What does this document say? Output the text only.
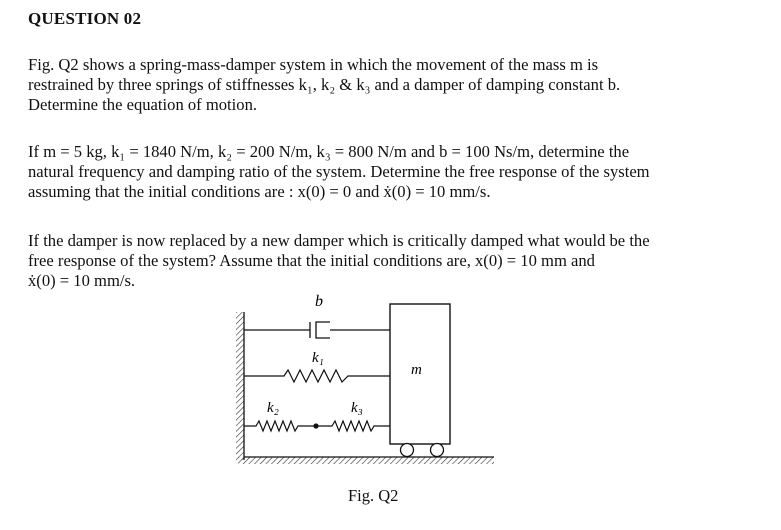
QUESTION 02
Fig. Q2 shows a spring-mass-damper system in which the movement of the mass m is
restrained by three springs of stiffnesses k₁, k₂ & k₃ and a damper of damping constant b.
Determine the equation of motion.
If m = 5 kg, k₁ = 1840 N/m, k₂ = 200 N/m, k₃ = 800 N/m and b = 100 Ns/m, determine the
natural frequency and damping ratio of the system. Determine the free response of the system
assuming that the initial conditions are : x(0) = 0 and ẋ(0) = 10 mm/s.
If the damper is now replaced by a new damper which is critically damped what would be the
free response of the system? Assume that the initial conditions are, x(0) = 10 mm and
ẋ(0) = 10 mm/s.
b
k₁
k₂	k₃
m
Fig. Q2
